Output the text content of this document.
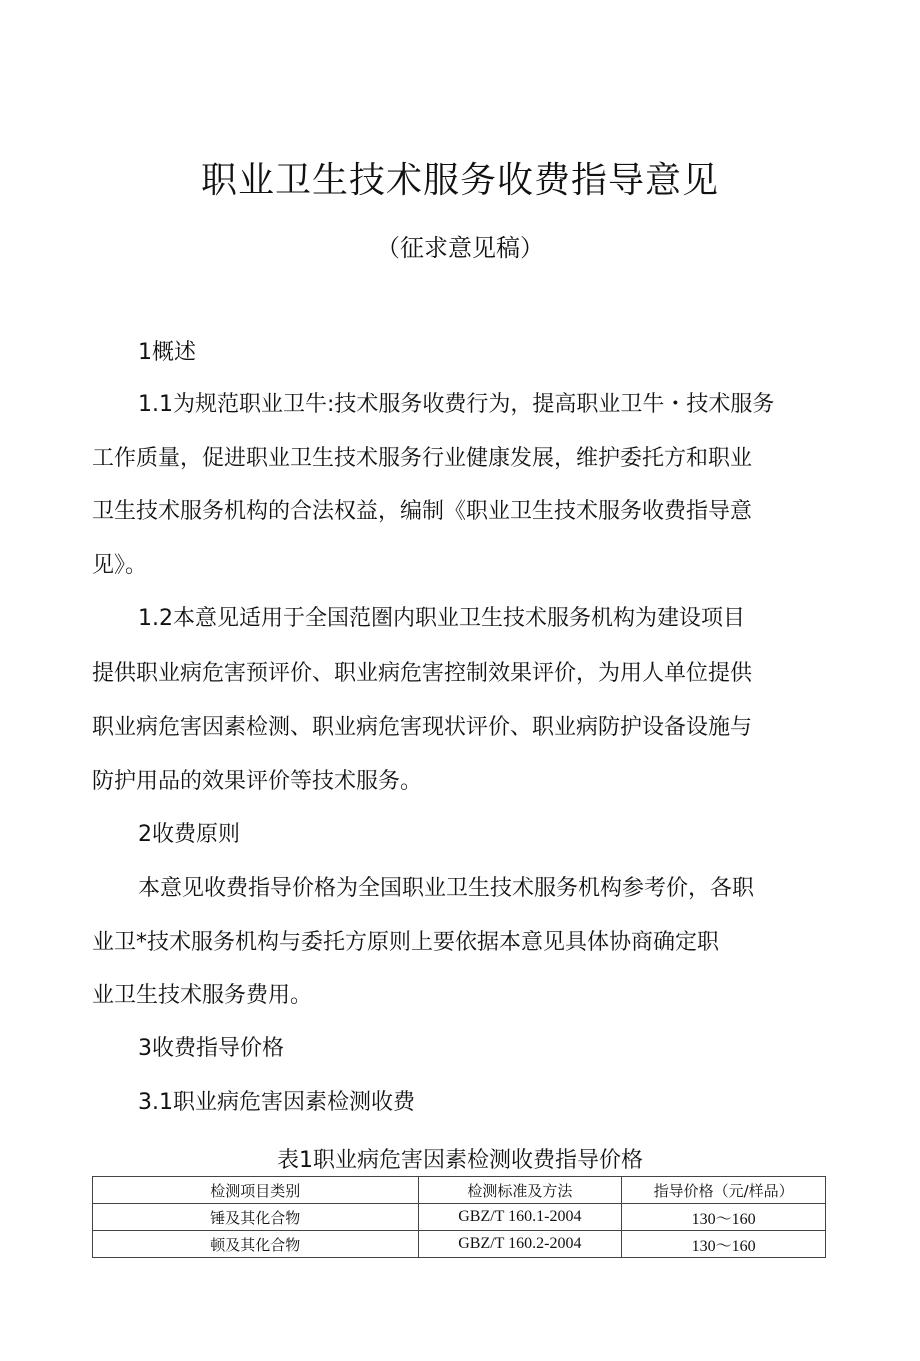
职业卫生技术服务收费指导意见
（征求意见稿）
1概述
1.1为规范职业卫牛:技术服务收费行为，提高职业卫牛・技术服务
工作质量，促进职业卫生技术服务行业健康发展，维护委托方和职业
卫生技术服务机构的合法权益，编制《职业卫生技术服务收费指导意
见》。
1.2本意见适用于全国范圏内职业卫生技术服务机构为建设项目
提供职业病危害预评价、职业病危害控制效果评价，为用人单位提供
职业病危害因素检测、职业病危害现状评价、职业病防护设备设施与
防护用品的效果评价等技术服务。
2收费原则
本意见收费指导价格为全国职业卫生技术服务机构参考价，各职
业卫*技术服务机构与委托方原则上要依据本意见具体协商确定职
业卫生技术服务费用。
3收费指导价格
3.1职业病危害因素检测收费
表1职业病危害因素检测收费指导价格
检测项目类别	检测标准及方法	指导价格（元/样品）
锤及其化合物	GBZ/T 160.1-2004	130～160
顿及其化合物	GBZ/T 160.2-2004	130～160
